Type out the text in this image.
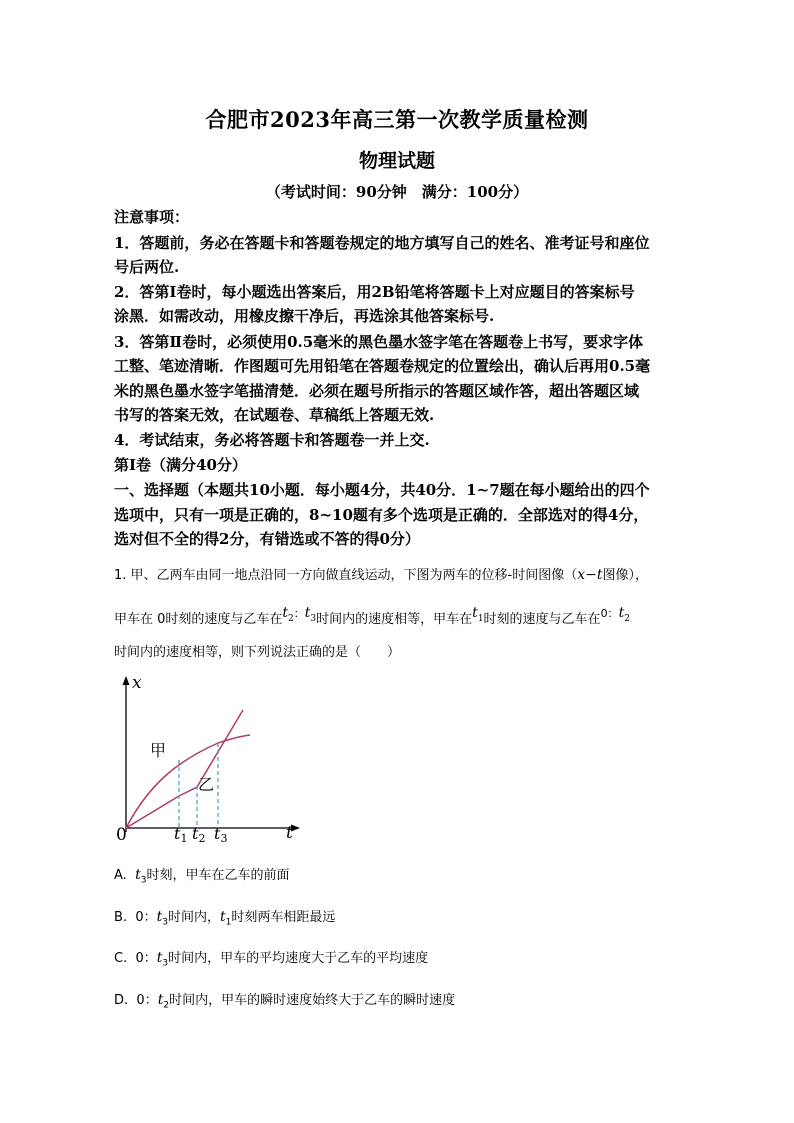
合肥市2023年高三第一次教学质量检测
物理试题
（考试时间：90分钟　满分：100分）
注意事项：
1．答题前，务必在答题卡和答题卷规定的地方填写自己的姓名、准考证号和座位
号后两位.
2．答第Ⅰ卷时，每小题选出答案后，用2B铅笔将答题卡上对应题目的答案标号
涂黑．如需改动，用橡皮擦干净后，再选涂其他答案标号.
3．答第Ⅱ卷时，必须使用0.5毫米的黑色墨水签字笔在答题卷上书写，要求字体
工整、笔迹清晰．作图题可先用铅笔在答题卷规定的位置绘出，确认后再用0.5毫
米的黑色墨水签字笔描清楚．必须在题号所指示的答题区域作答，超出答题区域
书写的答案无效，在试题卷、草稿纸上答题无效.
4．考试结束，务必将答题卡和答题卷一并上交.
第Ⅰ卷（满分40分）
一、选择题（本题共10小题．每小题4分，共40分．1~7题在每小题给出的四个
选项中，只有一项是正确的，8~10题有多个选项是正确的．全部选对的得4分，
选对但不全的得2分，有错选或不答的得0分）
1. 甲、乙两车由同一地点沿同一方向做直线运动，下图为两车的位移-时间图像（x−t图像），
甲车在 0时刻的速度与乙车在$t_2^:t_3$时间内的速度相等，甲车在$t_1$时刻的速度与乙车在$^{0:}t_2$
时间内的速度相等，则下列说法正确的是（　　）
x
t
0
甲
乙
t1 t2 t3
A. $t_3$时刻，甲车在乙车的前面
B. 0：$t_3$时间内，$t_1$时刻两车相距最远
C. 0：$t_3$时间内，甲车的平均速度大于乙车的平均速度
D. 0：$t_2$时间内，甲车的瞬时速度始终大于乙车的瞬时速度
